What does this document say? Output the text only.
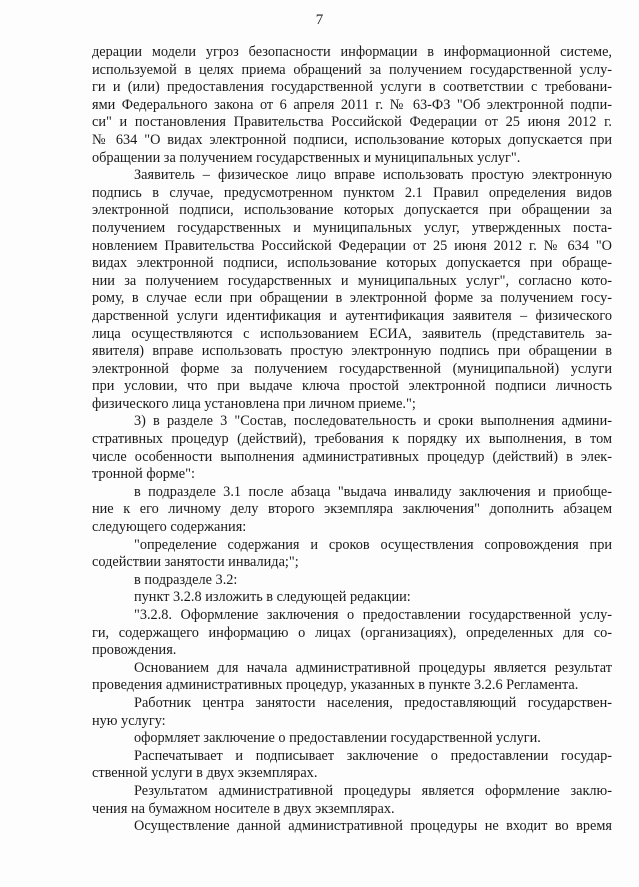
7

дерации модели угроз безопасности информации в информационной системе,

используемой в целях приема обращений за получением государственной услу-

ги и (или) предоставления государственной услуги в соответствии с требовани-

ями Федерального закона от 6 апреля 2011 г. № 63-ФЗ "Об электронной подпи-

си" и постановления Правительства Российской Федерации от 25 июня 2012 г.

№ 634 "О видах электронной подписи, использование которых допускается при

обращении за получением государственных и муниципальных услуг".

Заявитель – физическое лицо вправе использовать простую электронную

подпись в случае, предусмотренном пунктом 2.1 Правил определения видов

электронной подписи, использование которых допускается при обращении за

получением государственных и муниципальных услуг, утвержденных поста-

новлением Правительства Российской Федерации от 25 июня 2012 г. № 634 "О

видах электронной подписи, использование которых допускается при обраще-

нии за получением государственных и муниципальных услуг", согласно кото-

рому, в случае если при обращении в электронной форме за получением госу-

дарственной услуги идентификация и аутентификация заявителя – физического

лица осуществляются с использованием ЕСИА, заявитель (представитель за-

явителя) вправе использовать простую электронную подпись при обращении в

электронной форме за получением государственной (муниципальной) услуги

при условии, что при выдаче ключа простой электронной подписи личность

физического лица установлена при личном приеме.";

3) в разделе 3 "Состав, последовательность и сроки выполнения админи-

стративных процедур (действий), требования к порядку их выполнения, в том

числе особенности выполнения административных процедур (действий) в элек-

тронной форме":

в подразделе 3.1 после абзаца "выдача инвалиду заключения и приобще-

ние к его личному делу второго экземпляра заключения" дополнить абзацем

следующего содержания:

"определение содержания и сроков осуществления сопровождения при

содействии занятости инвалида;";

в подразделе 3.2:

пункт 3.2.8 изложить в следующей редакции:

"3.2.8. Оформление заключения о предоставлении государственной услу-

ги, содержащего информацию о лицах (организациях), определенных для со-

провождения.

Основанием для начала административной процедуры является результат

проведения административных процедур, указанных в пункте 3.2.6 Регламента.

Работник центра занятости населения, предоставляющий государствен-

ную услугу:

оформляет заключение о предоставлении государственной услуги.

Распечатывает и подписывает заключение о предоставлении государ-

ственной услуги в двух экземплярах.

Результатом административной процедуры является оформление заклю-

чения на бумажном носителе в двух экземплярах.

Осуществление данной административной процедуры не входит во время
